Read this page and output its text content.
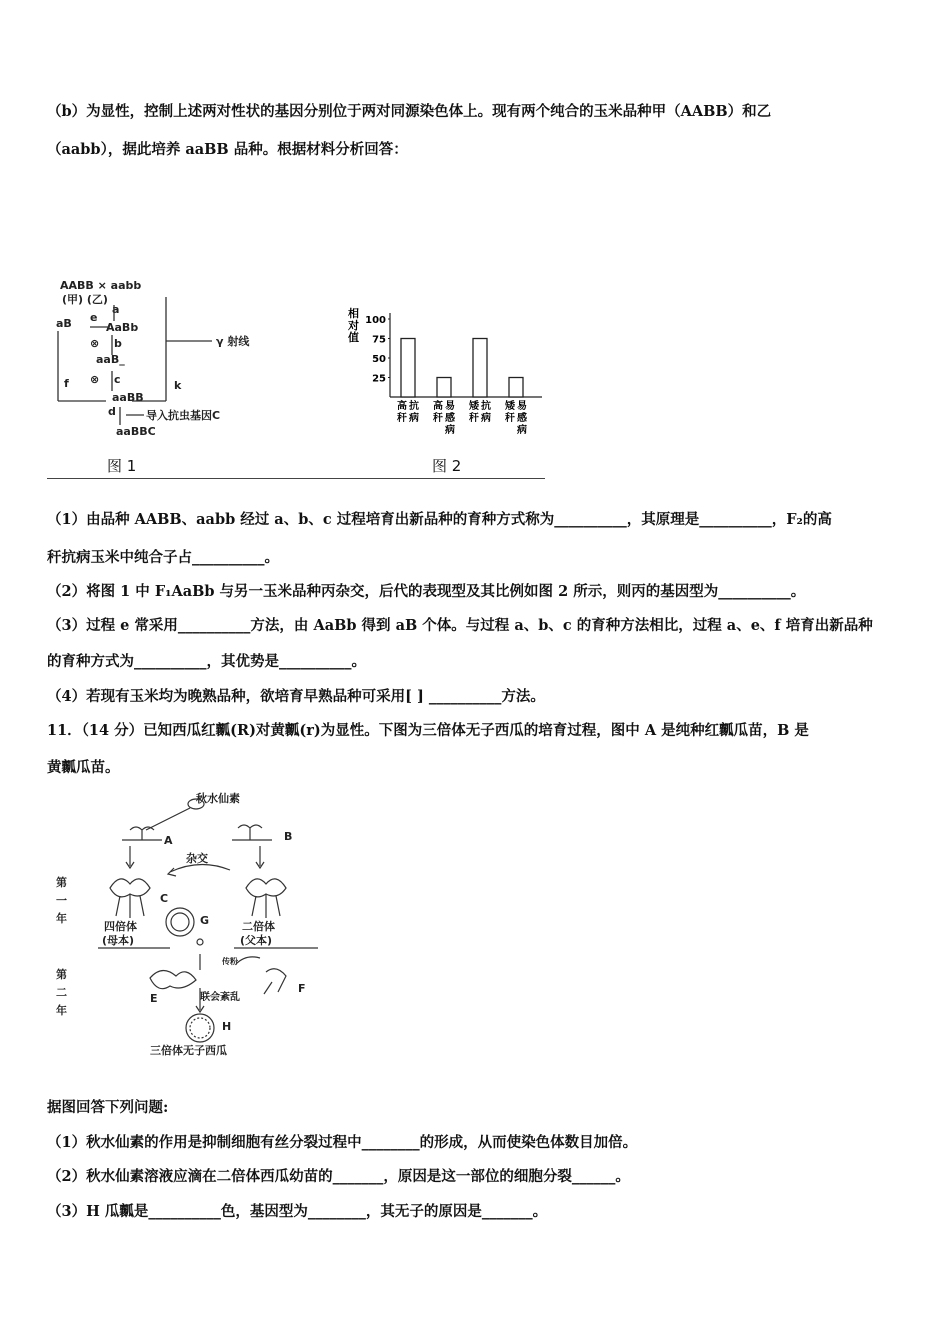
（b）为显性，控制上述两对性状的基因分别位于两对同源染色体上。现有两个纯合的玉米品种甲（AABB）和乙
（aabb），据此培养 aaBB 品种。根据材料分析回答：
AABB × aabb
(甲) (乙)
a
aB e
AaBb
⊗ b
aaB_
⊗ c
γ 射线
k
f
aaBB
d	导入抗虫基因C
aaBBC
图 1
相
对
值
100
75
50
25
高
秆
抗
病
高
秆
易
感
病
矮
秆
抗
病
矮
秆
易
感
病
图 2
（1）由品种 AABB、aabb 经过 a、b、c 过程培育出新品种的育种方式称为__________，其原理是__________，F₂的高
秆抗病玉米中纯合子占__________。
（2）将图 1 中 F₁AaBb 与另一玉米品种丙杂交，后代的表现型及其比例如图 2 所示，则丙的基因型为__________。
（3）过程 e 常采用__________方法，由 AaBb 得到 aB 个体。与过程 a、b、c 的育种方法相比，过程 a、e、f 培育出新品种
的育种方式为__________，其优势是__________。
（4）若现有玉米均为晚熟品种，欲培育早熟品种可采用[ ] __________方法。
11．（14 分）已知西瓜红瓤(R)对黄瓤(r)为显性。下图为三倍体无子西瓜的培育过程，图中 A 是纯种红瓤瓜苗，B 是
黄瓤瓜苗。
秋水仙素
A	B
杂交
C
G
四倍体
(母本)
二倍体
(父本)
第
一
年
第
二
年
传粉
E
F
联会紊乱
H
三倍体无子西瓜
据图回答下列问题:
（1）秋水仙素的作用是抑制细胞有丝分裂过程中________的形成，从而使染色体数目加倍。
（2）秋水仙素溶液应滴在二倍体西瓜幼苗的_______，原因是这一部位的细胞分裂______。
（3）H 瓜瓤是__________色，基因型为________，其无子的原因是_______。
